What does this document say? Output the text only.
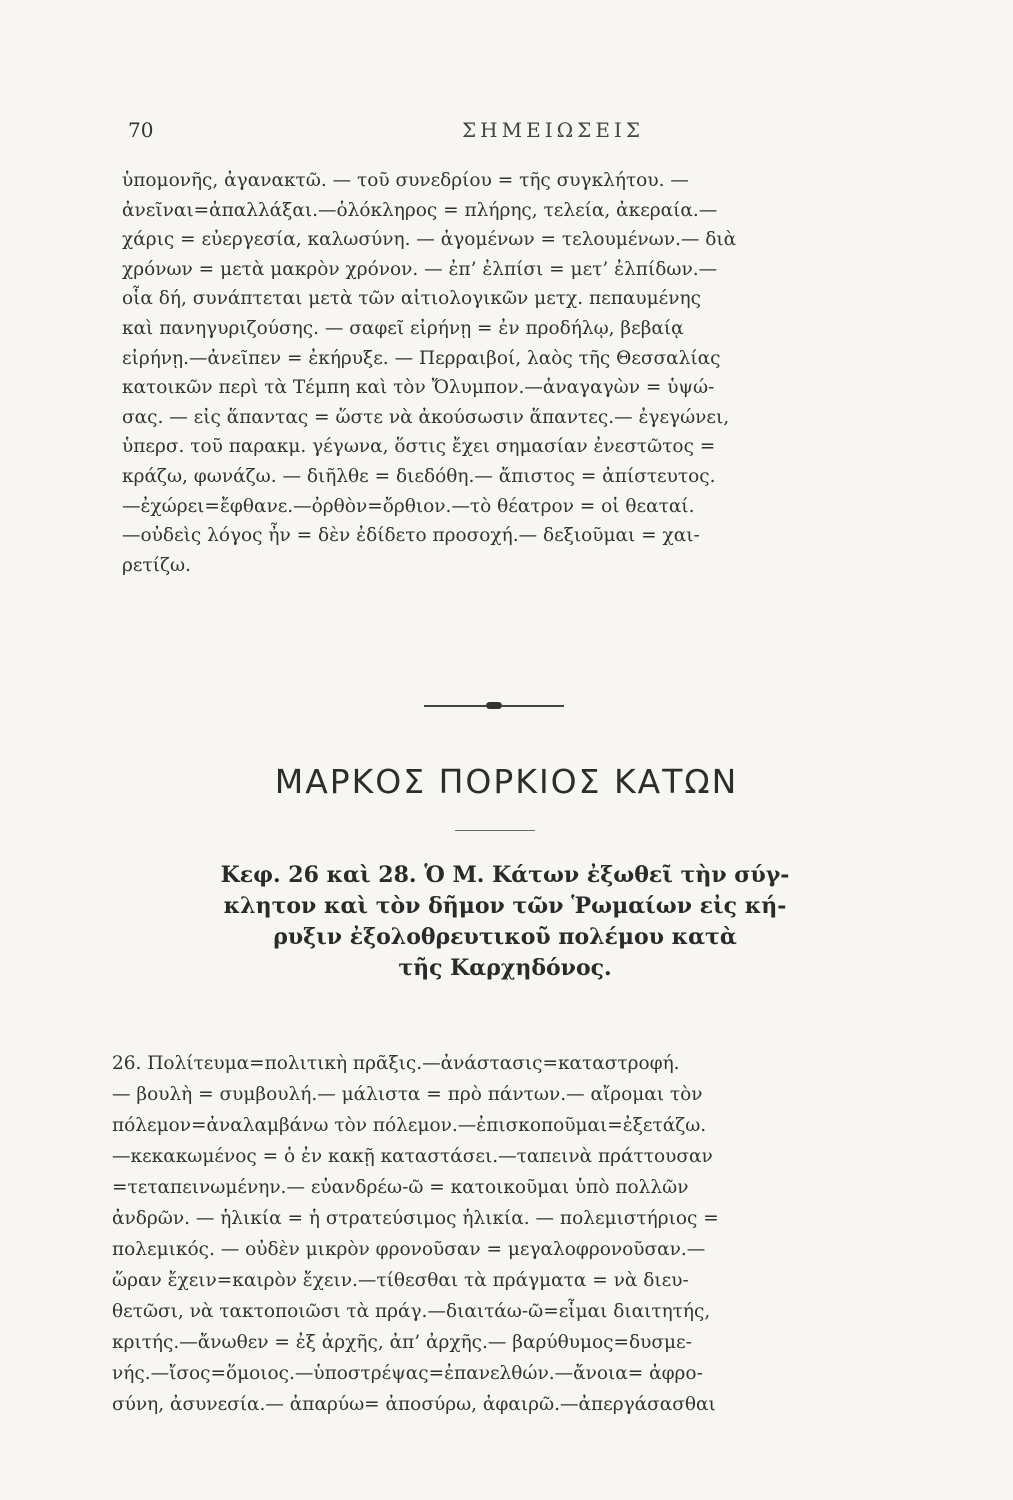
70	ΣΗΜΕΙΩΣΕΙΣ
ὑπομονῆς, ἀγανακτῶ. — τοῦ συνεδρίου = τῆς συγκλήτου. —
ἀνεῖναι=ἀπαλλάξαι.—ὁλόκληρος = πλήρης, τελεία, ἀκεραία.—
χάρις = εὐεργεσία, καλωσύνη. — ἀγομένων = τελουμένων.— διὰ
χρόνων = μετὰ μακρὸν χρόνον. — ἐπ’ ἐλπίσι = μετ’ ἐλπίδων.—
οἷα δή, συνάπτεται μετὰ τῶν αἰτιολογικῶν μετχ. πεπαυμένης
καὶ πανηγυριζούσης. — σαφεῖ εἰρήνῃ = ἐν προδήλῳ, βεβαίᾳ
εἰρήνῃ.—ἀνεῖπεν = ἐκήρυξε. — Περραιβοί, λαὸς τῆς Θεσσαλίας
κατοικῶν περὶ τὰ Τέμπη καὶ τὸν Ὄλυμπον.—ἀναγαγὼν = ὑψώ-
σας. — εἰς ἅπαντας = ὥστε νὰ ἀκούσωσιν ἅπαντες.— ἐγεγώνει,
ὑπερσ. τοῦ παρακμ. γέγωνα, ὅστις ἔχει σημασίαν ἐνεστῶτος =
κράζω, φωνάζω. — διῆλθε = διεδόθη.— ἄπιστος = ἀπίστευτος.
—ἐχώρει=ἔφθανε.—ὀρθὸν=ὄρθιον.—τὸ θέατρον = οἱ θεαταί.
—οὐδεὶς λόγος ἦν = δὲν ἐδίδετο προσοχή.— δεξιοῦμαι = χαι-
ρετίζω.
ΜΑΡΚΟΣ ΠΟΡΚΙΟΣ ΚΑΤΩΝ
Κεφ. 26 καὶ 28. Ὁ Μ. Κάτων ἐξωθεῖ τὴν σύγ-
κλητον καὶ τὸν δῆμον τῶν Ῥωμαίων εἰς κή-
ρυξιν ἐξολοθρευτικοῦ πολέμου κατὰ
τῆς Καρχηδόνος.
26. Πολίτευμα=πολιτικὴ πρᾶξις.—ἀνάστασις=καταστροφή.
— βουλὴ = συμβουλή.— μάλιστα = πρὸ πάντων.— αἴρομαι τὸν
πόλεμον=ἀναλαμβάνω τὸν πόλεμον.—ἐπισκοποῦμαι=ἐξετάζω.
—κεκακωμένος = ὁ ἐν κακῇ καταστάσει.—ταπεινὰ πράττουσαν
=τεταπεινωμένην.— εὐανδρέω-ῶ = κατοικοῦμαι ὑπὸ πολλῶν
ἀνδρῶν. — ἡλικία = ἡ στρατεύσιμος ἡλικία. — πολεμιστήριος =
πολεμικός. — οὐδὲν μικρὸν φρονοῦσαν = μεγαλοφρονοῦσαν.—
ὥραν ἔχειν=καιρὸν ἔχειν.—τίθεσθαι τὰ πράγματα = νὰ διευ-
θετῶσι, νὰ τακτοποιῶσι τὰ πράγ.—διαιτάω-ῶ=εἶμαι διαιτητής,
κριτής.—ἄνωθεν = ἐξ ἀρχῆς, ἀπ’ ἀρχῆς.— βαρύθυμος=δυσμε-
νής.—ἴσος=ὅμοιος.—ὑποστρέψας=ἐπανελθών.—ἄνοια= ἀφρο-
σύνη, ἀσυνεσία.— ἀπαρύω= ἀποσύρω, ἀφαιρῶ.—ἀπεργάσασθαι
